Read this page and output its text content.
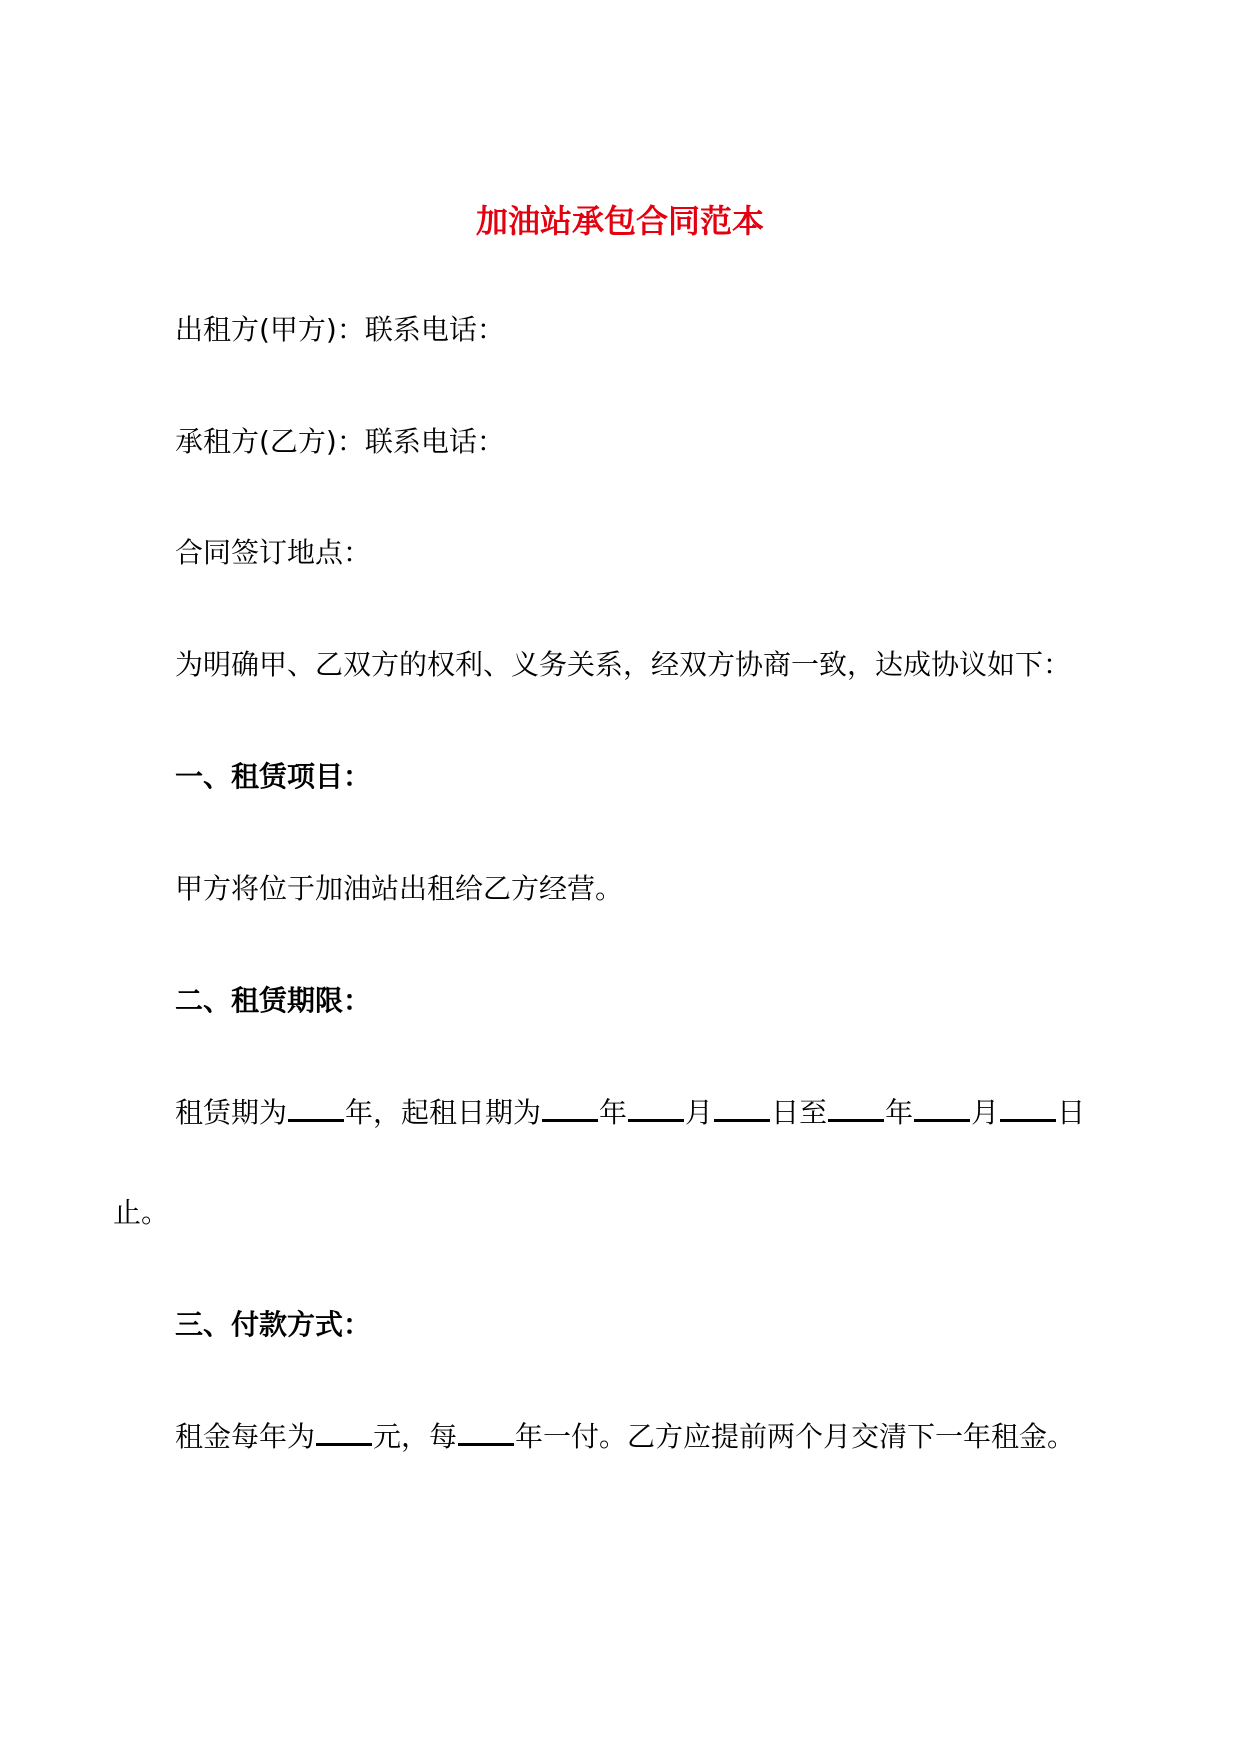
加油站承包合同范本

出租方(甲方)：联系电话：

承租方(乙方)：联系电话：

合同签订地点：

为明确甲、乙双方的权利、义务关系，经双方协商一致，达成协议如下：

一、租赁项目：

甲方将位于加油站出租给乙方经营。

二、租赁期限：

租赁期为 年，起租日期为 年 月 日至 年 月 日

止。

三、付款方式：

租金每年为 元，每 年一付。乙方应提前两个月交清下一年租金。
